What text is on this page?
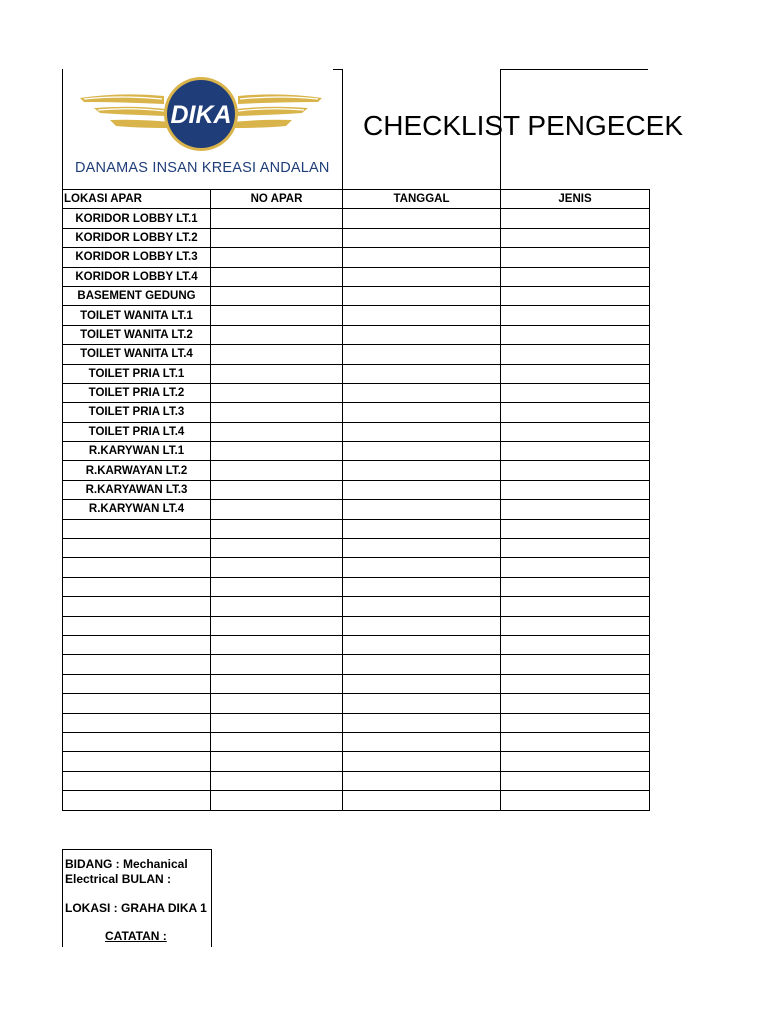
DIKA
DANAMAS INSAN KREASI ANDALAN
CHECKLIST PENGECEK
LOKASI APAR	NO APAR	TANGGAL	JENIS
KORIDOR LOBBY LT.1			
KORIDOR LOBBY LT.2			
KORIDOR LOBBY LT.3			
KORIDOR LOBBY LT.4			
BASEMENT GEDUNG			
TOILET WANITA LT.1			
TOILET WANITA LT.2			
TOILET WANITA LT.4			
TOILET PRIA LT.1			
TOILET PRIA LT.2			
TOILET PRIA LT.3			
TOILET PRIA LT.4			
R.KARYWAN LT.1			
R.KARWAYAN LT.2			
R.KARYAWAN LT.3			
R.KARYWAN LT.4			

BIDANG : Mechanical
Electrical BULAN :
LOKASI : GRAHA DIKA 1
CATATAN :
